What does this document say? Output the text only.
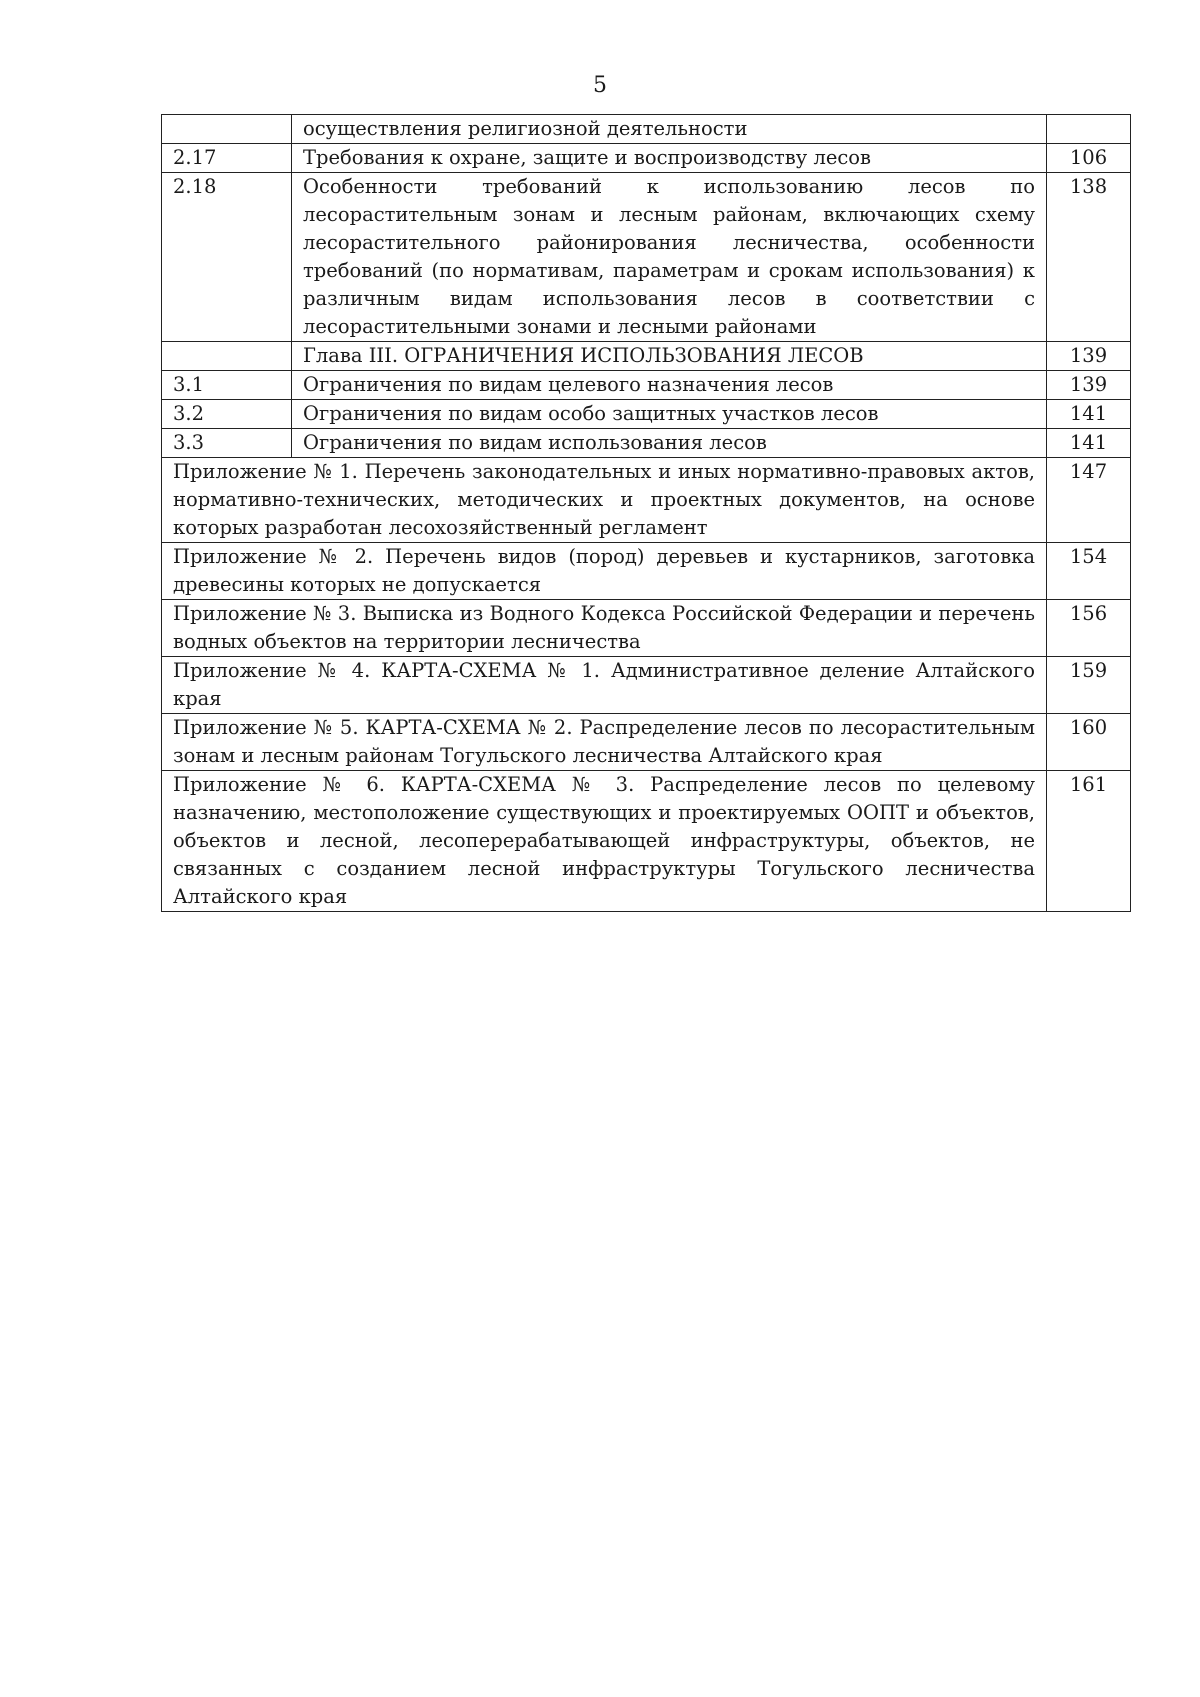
5
	осуществления религиозной деятельности	
2.17	Требования к охране, защите и воспроизводству лесов	106
2.18	Особенности требований к использованию лесов по лесорастительным зонам и лесным районам, включающих схему лесорастительного районирования лесничества, особенности требований (по нормативам, параметрам и срокам использования) к различным видам использования лесов в соответствии с лесорастительными зонами и лесными районами	138
	Глава III. ОГРАНИЧЕНИЯ ИСПОЛЬЗОВАНИЯ ЛЕСОВ	139
3.1	Ограничения по видам целевого назначения лесов	139
3.2	Ограничения по видам особо защитных участков лесов	141
3.3	Ограничения по видам использования лесов	141
Приложение № 1. Перечень законодательных и иных нормативно-правовых актов, нормативно-технических, методических и проектных документов, на основе которых разработан лесохозяйственный регламент		147
Приложение № 2. Перечень видов (пород) деревьев и кустарников, заготовка древесины которых не допускается		154
Приложение № 3. Выписка из Водного Кодекса Российской Федерации и перечень водных объектов на территории лесничества		156
Приложение № 4. КАРТА-СХЕМА № 1. Административное деление Алтайского края		159
Приложение № 5. КАРТА-СХЕМА № 2. Распределение лесов по лесорастительным зонам и лесным районам Тогульского лесничества Алтайского края		160
Приложение № 6. КАРТА-СХЕМА № 3. Распределение лесов по целевому назначению, местоположение существующих и проектируемых ООПТ и объектов, объектов и лесной, лесоперерабатывающей инфраструктуры, объектов, не связанных с созданием лесной инфраструктуры Тогульского лесничества Алтайского края		161
